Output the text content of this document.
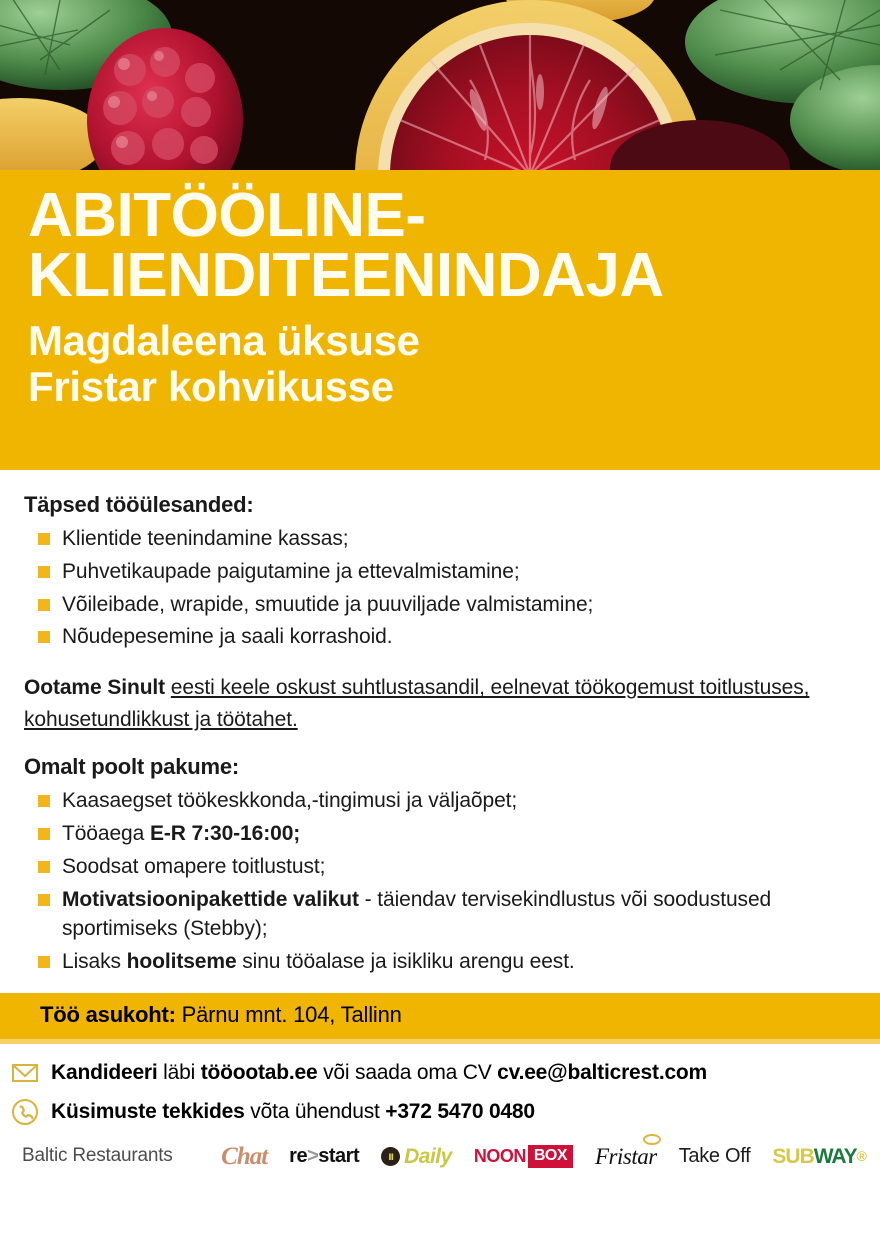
ABITÖÖLINE-
KLIENDITEENINDAJA
Magdaleena üksuse
Fristar kohvikusse
Täpsed tööülesanded:
Klientide teenindamine kassas;
Puhvetikaupade paigutamine ja ettevalmistamine;
Võileibade, wrapide, smuutide ja puuviljade valmistamine;
Nõudepesemine ja saali korrashoid.
Ootame Sinult eesti keele oskust suhtlustasandil, eelnevat töökogemust toitlustuses, kohusetundlikkust ja töötahet.
Omalt poolt pakume:
Kaasaegset töökeskkonda,-tingimusi ja väljaõpet;
Tööaega E-R 7:30-16:00;
Soodsat omapere toitlustust;
Motivatsioonipakettide valikut - täiendav tervisekindlustus või soodustused sportimiseks (Stebby);
Lisaks hoolitseme sinu tööalase ja isikliku arengu eest.
Töö asukoht: Pärnu mnt. 104, Tallinn
Kandideeri läbi tööootab.ee või saada oma CV cv.ee@balticrest.com
Küsimuste tekkides võta ühendust +372 5470 0480
Baltic Restaurants Chat re > start	ıı Daily NOON BOX Fristar Take Off SUB WAY ®
